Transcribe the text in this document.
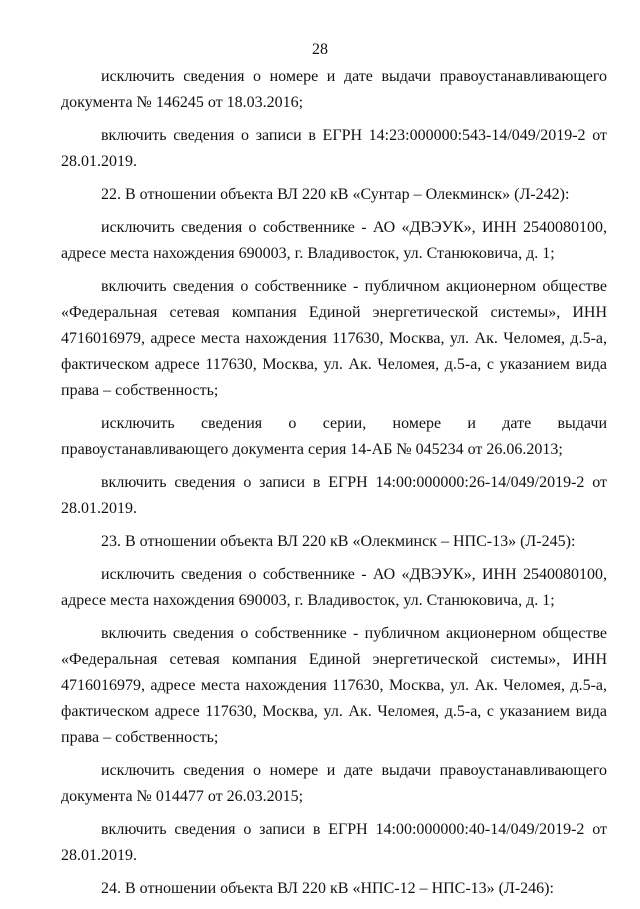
28

исключить сведения о номере и дате выдачи правоустанавливающего документа № 146245 от 18.03.2016;

включить сведения о записи в ЕГРН 14:23:000000:543-14/049/2019-2 от 28.01.2019.

22. В отношении объекта ВЛ 220 кВ «Сунтар – Олекминск» (Л-242):

исключить сведения о собственнике - АО «ДВЭУК», ИНН 2540080100, адресе места нахождения 690003, г. Владивосток, ул. Станюковича, д. 1;

включить сведения о собственнике - публичном акционерном обществе «Федеральная сетевая компания Единой энергетической системы», ИНН 4716016979, адресе места нахождения 117630, Москва, ул. Ак. Челомея, д.5-а, фактическом адресе 117630, Москва, ул. Ак. Челомея, д.5-а, с указанием вида права – собственность;

исключить сведения о серии, номере и дате выдачи правоустанавливающего документа серия 14-АБ № 045234 от 26.06.2013;

включить сведения о записи в ЕГРН 14:00:000000:26-14/049/2019-2 от 28.01.2019.

23. В отношении объекта ВЛ 220 кВ «Олекминск – НПС-13» (Л-245):

исключить сведения о собственнике - АО «ДВЭУК», ИНН 2540080100, адресе места нахождения 690003, г. Владивосток, ул. Станюковича, д. 1;

включить сведения о собственнике - публичном акционерном обществе «Федеральная сетевая компания Единой энергетической системы», ИНН 4716016979, адресе места нахождения 117630, Москва, ул. Ак. Челомея, д.5-а, фактическом адресе 117630, Москва, ул. Ак. Челомея, д.5-а, с указанием вида права – собственность;

исключить сведения о номере и дате выдачи правоустанавливающего документа № 014477 от 26.03.2015;

включить сведения о записи в ЕГРН 14:00:000000:40-14/049/2019-2 от 28.01.2019.

24. В отношении объекта ВЛ 220 кВ «НПС-12 – НПС-13» (Л-246):
